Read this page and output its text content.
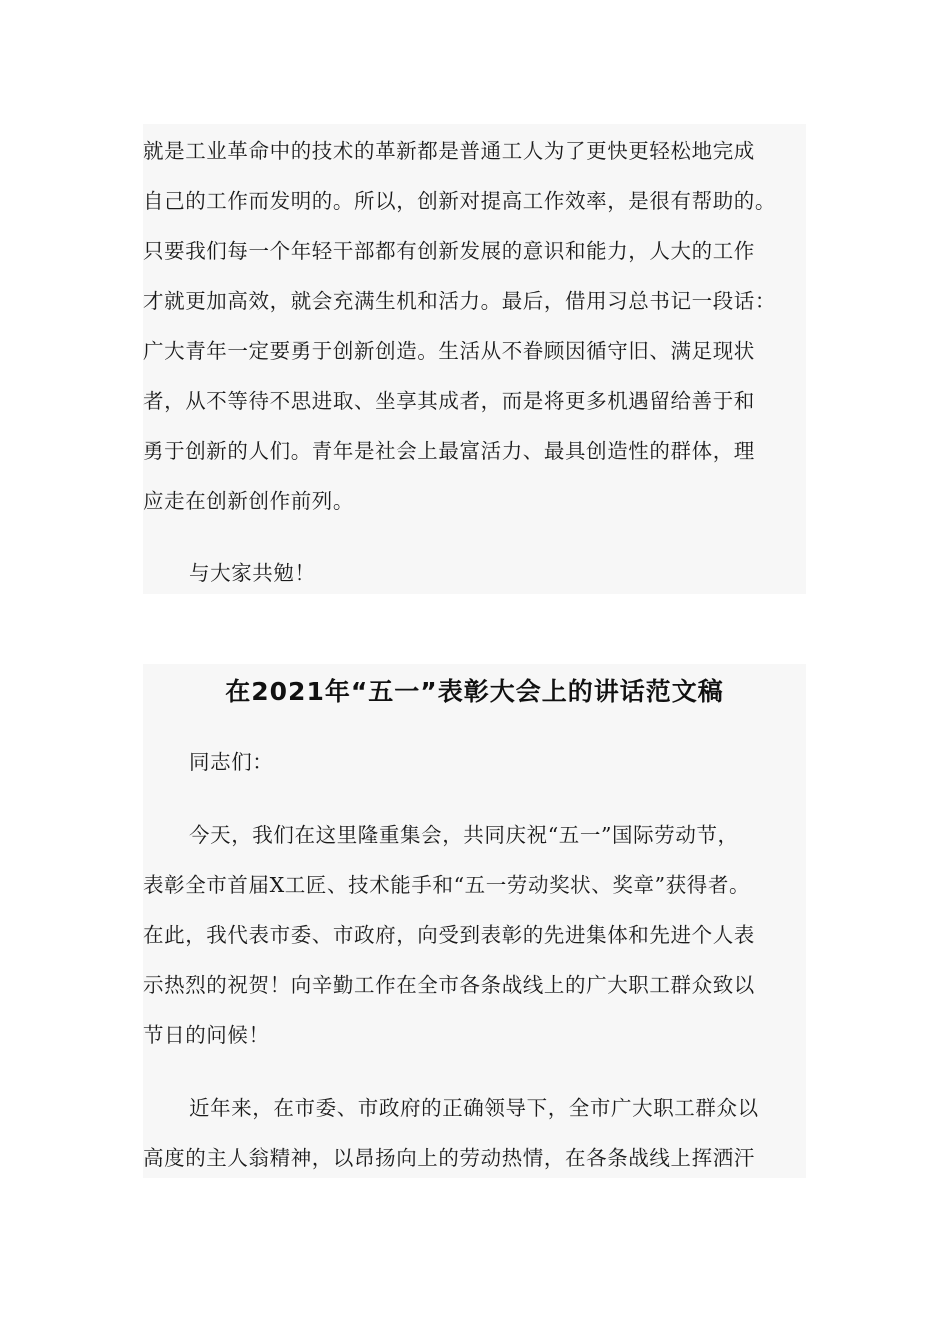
就是工业革命中的技术的革新都是普通工人为了更快更轻松地完成
自己的工作而发明的。所以，创新对提高工作效率，是很有帮助的。
只要我们每一个年轻干部都有创新发展的意识和能力，人大的工作
才就更加高效，就会充满生机和活力。最后，借用习总书记一段话：
广大青年一定要勇于创新创造。生活从不眷顾因循守旧、满足现状
者，从不等待不思进取、坐享其成者，而是将更多机遇留给善于和
勇于创新的人们。青年是社会上最富活力、最具创造性的群体，理
应走在创新创作前列。
与大家共勉！
在2021年“五一”表彰大会上的讲话范文稿
同志们：
今天，我们在这里隆重集会，共同庆祝“五一”国际劳动节，
表彰全市首届X工匠、技术能手和“五一劳动奖状、奖章”获得者。
在此，我代表市委、市政府，向受到表彰的先进集体和先进个人表
示热烈的祝贺！向辛勤工作在全市各条战线上的广大职工群众致以
节日的问候！
近年来，在市委、市政府的正确领导下，全市广大职工群众以
高度的主人翁精神，以昂扬向上的劳动热情，在各条战线上挥洒汗
